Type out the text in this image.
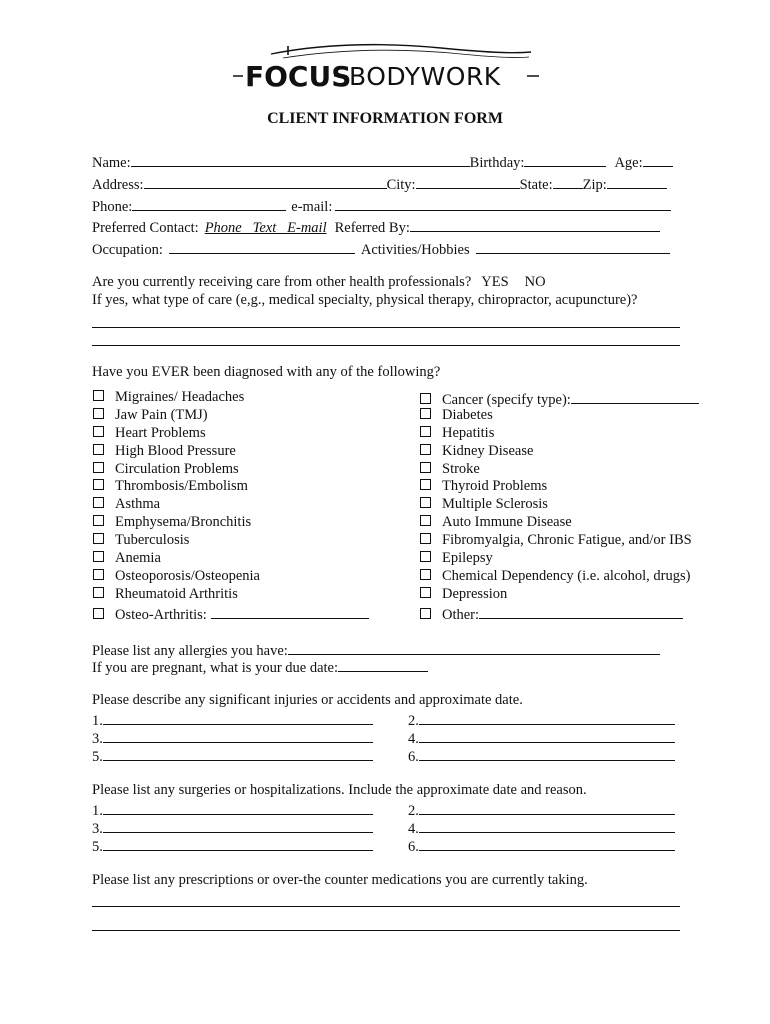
FOCUS
BODYWORK
CLIENT INFORMATION FORM
Name:	Birthday:	Age:
Address:	City:	State: Zip:
Phone:	e-mail:
Preferred Contact: Phone   Text   E-mail Referred By:
Occupation:	Activities/Hobbies
Are you currently receiving care from other health professionals? YES NO
If yes, what type of care (e,g., medical specialty, physical therapy, chiropractor, acupuncture)?
Have you EVER been diagnosed with any of the following?
Migraines/ Headaches
Jaw Pain (TMJ)
Heart Problems
High Blood Pressure
Circulation Problems
Thrombosis/Embolism
Asthma
Emphysema/Bronchitis
Tuberculosis
Anemia
Osteoporosis/Osteopenia
Rheumatoid Arthritis
Osteo-Arthritis:
Cancer (specify type):
Diabetes
Hepatitis
Kidney Disease
Stroke
Thyroid Problems
Multiple Sclerosis
Auto Immune Disease
Fibromyalgia, Chronic Fatigue, and/or IBS
Epilepsy
Chemical Dependency (i.e. alcohol, drugs)
Depression
Other:
Please list any allergies you have:
If you are pregnant, what is your due date:
Please describe any significant injuries or accidents and approximate date.
1.	2.
3.	4.
5.	6.
Please list any surgeries or hospitalizations. Include the approximate date and reason.
1.	2.
3.	4.
5.	6.
Please list any prescriptions or over-the counter medications you are currently taking.
